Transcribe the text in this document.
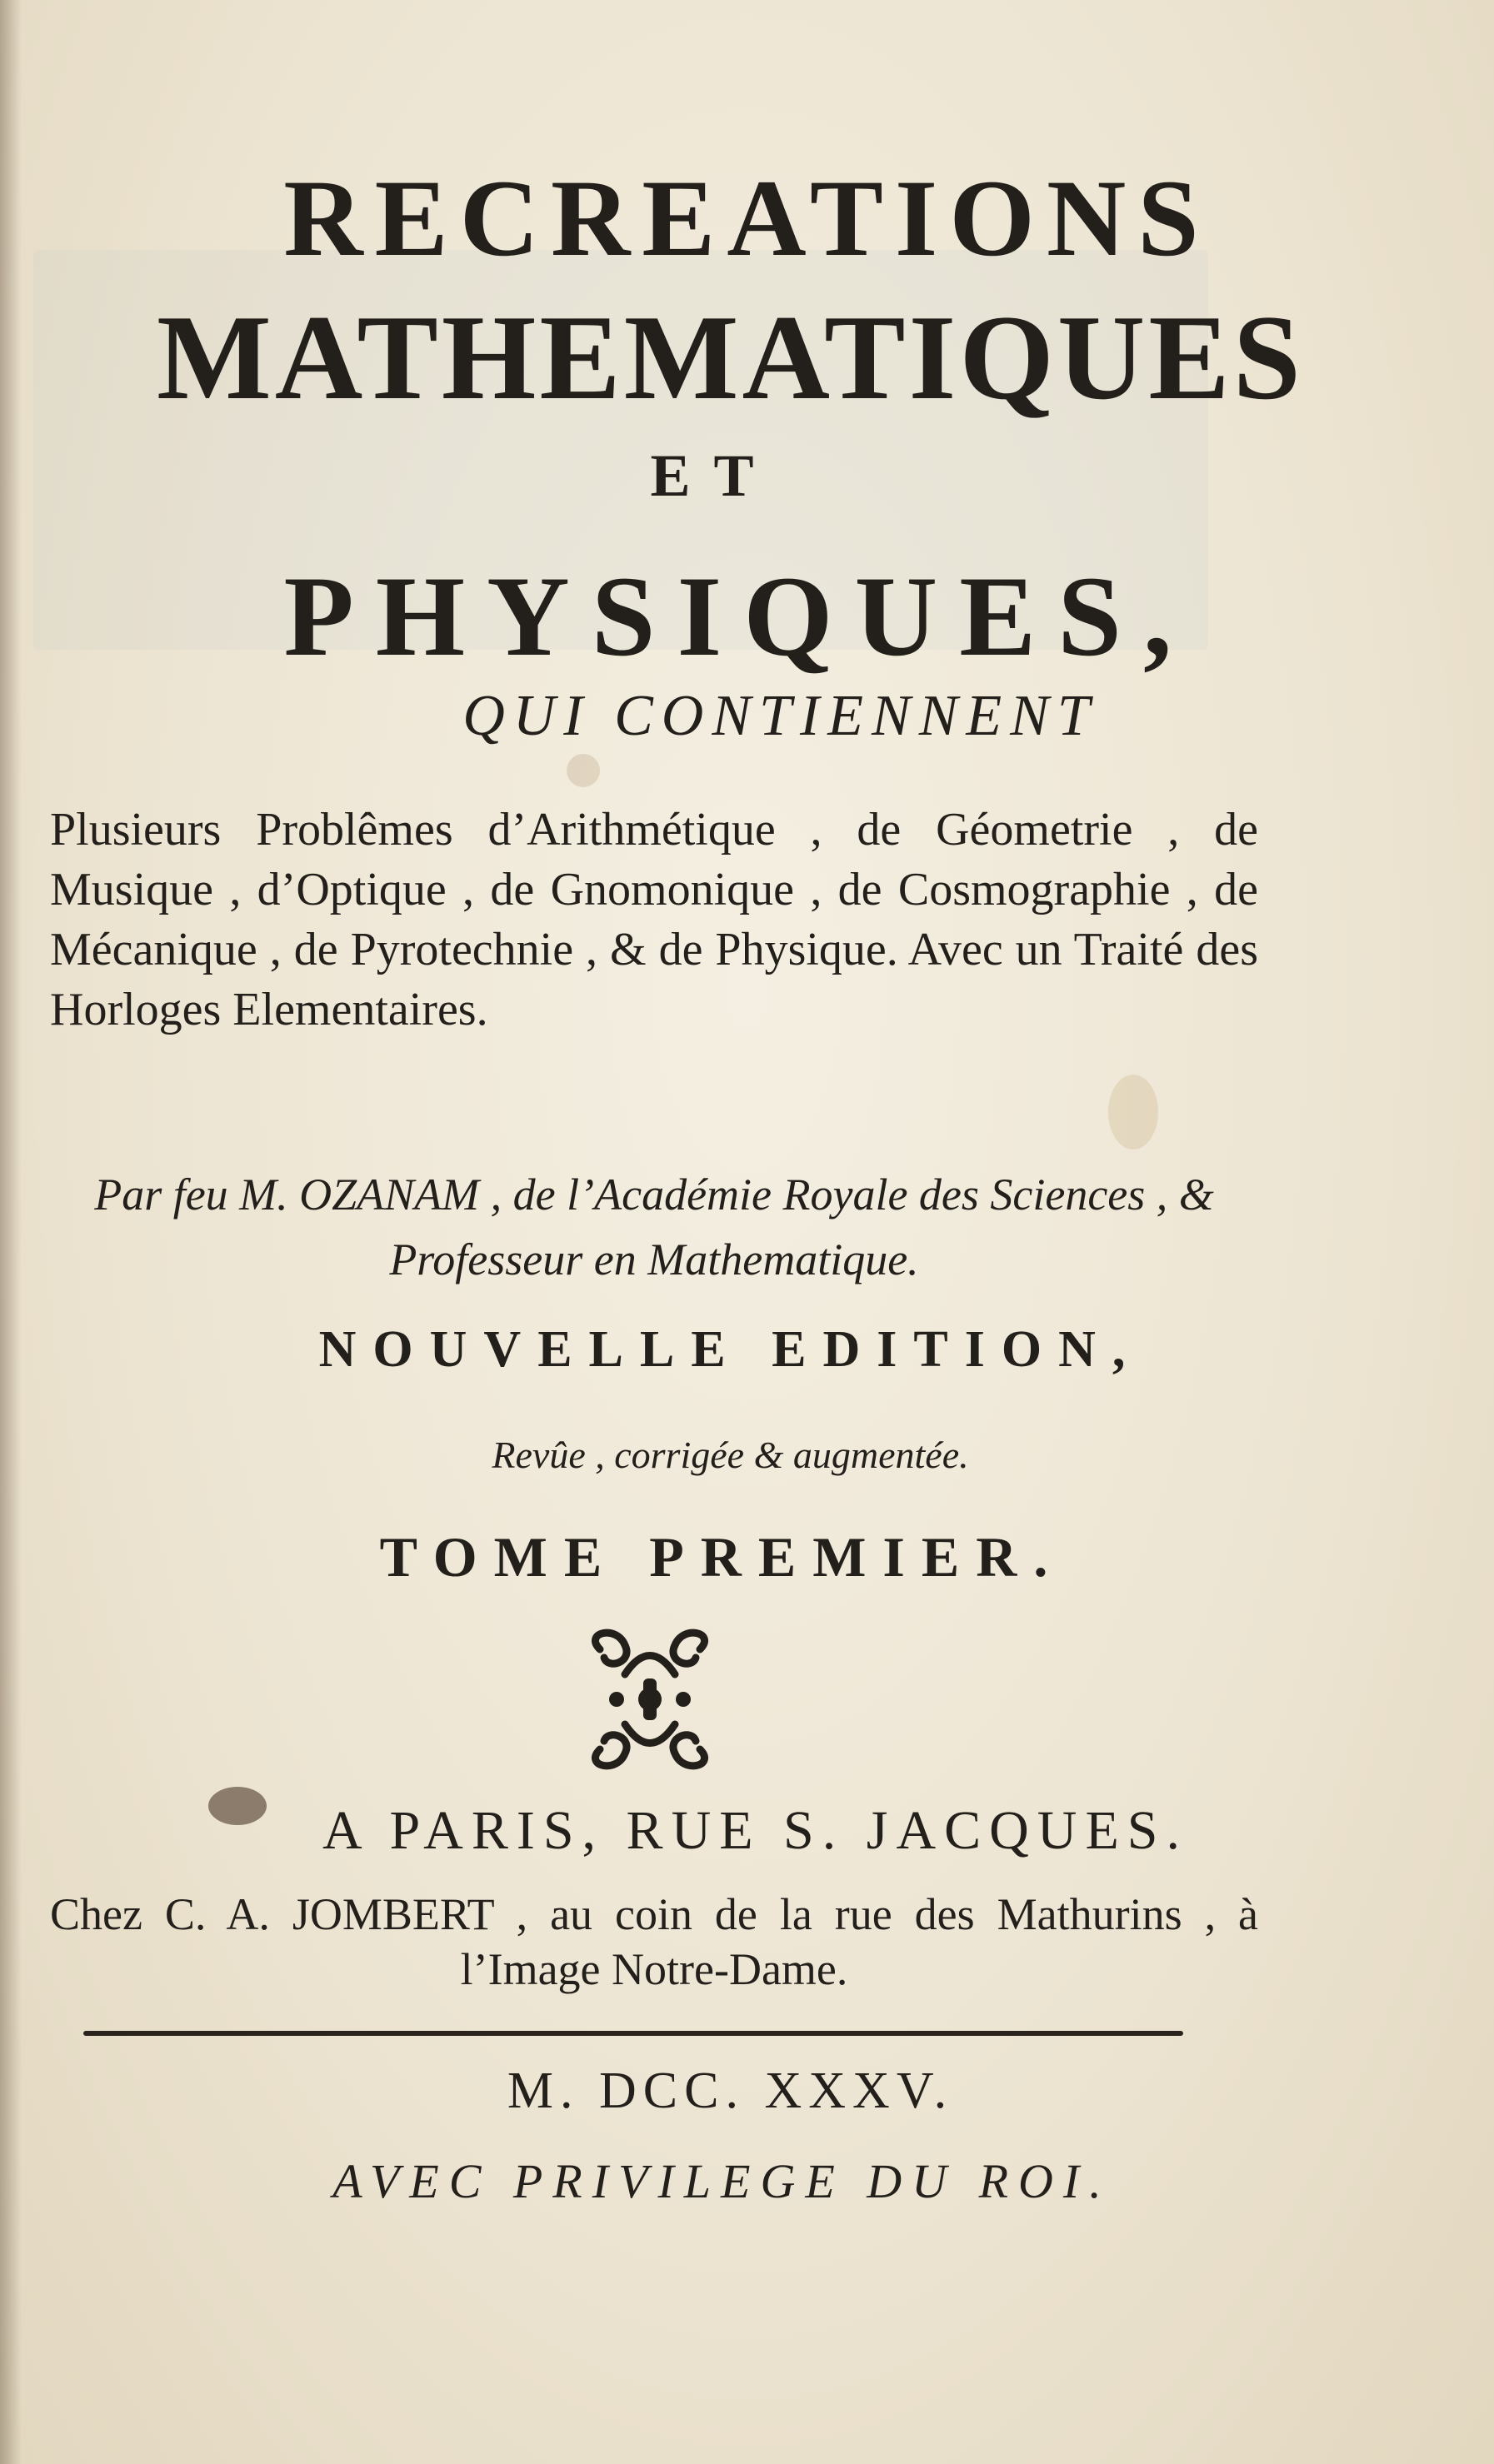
RECREATIONS
MATHEMATIQUES
ET
PHYSIQUES,
QUI CONTIENNENT
Plusieurs Problêmes d’Arithmétique , de Géometrie , de Musique , d’Optique , de Gnomonique , de Cosmographie , de Mécanique , de Pyrotechnie , & de Physique. Avec un Traité des Horloges Elementaires.
Par feu M. OZANAM , de l’Académie Royale des Sciences , & Professeur en Mathematique.
NOUVELLE EDITION,
Revûe , corrigée & augmentée.
TOME PREMIER.
A PARIS, RUE S. JACQUES.
Chez C. A. JOMBERT , au coin de la rue des Mathurins , à l’Image Notre-Dame.
M. DCC. XXXV.
AVEC PRIVILEGE DU ROI.
